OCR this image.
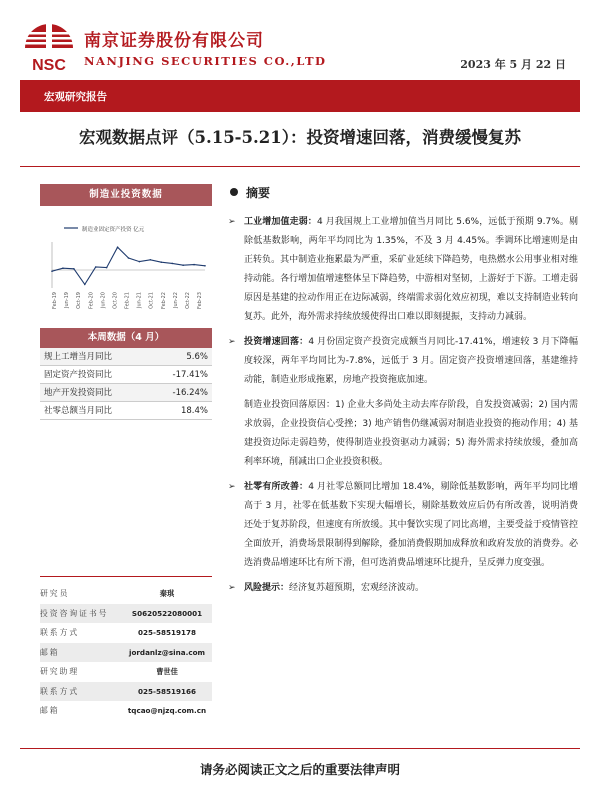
NSC
南京证券股份有限公司
NANJING SECURITIES CO.,LTD	2023 年 5 月 22 日
宏观研究报告
宏观数据点评（5.15-5.21）：投资增速回落，消费缓慢复苏
制造业投资数据
制造业固定资产投资 亿元
Feb-19 Jun-19 Oct-19 Feb-20 Jun-20 Oct-20 Feb-21 Jun-21 Oct-21 Feb-22 Jun-22 Oct-22 Feb-23
本周数据（4 月）
规上工增当月同比	5.6%
固定资产投资同比	-17.41%
地产开发投资同比	-16.24%
社零总额当月同比	18.4%
研究员	秦琪
投资咨询证书号	S0620522080001
联系方式	025-58519178
邮箱	jordanlz@sina.com
研究助理	曹世佳
联系方式	025-58519166
邮箱	tqcao@njzq.com.cn
摘要
➢ 工业增加值走弱：4 月我国规上工业增加值当月同比 5.6%，远低于预期 9.7%。剔除低基数影响，两年平均同比为 1.35%，不及 3 月 4.45%。季调环比增速则是由正转负。其中制造业拖累最为严重，采矿业延续下降趋势，电热燃水公用事业相对维持动能。各行增加值增速整体呈下降趋势，中游相对坚韧，上游好于下游。工增走弱原因是基建的拉动作用正在边际减弱，终端需求弱化效应初现，难以支持制造业转向复苏。此外，海外需求持续放缓使得出口难以即刻提振，支持动力减弱。
➢ 投资增速回落：4 月份固定资产投资完成额当月同比-17.41%，增速较 3 月下降幅度较深，两年平均同比为-7.8%，远低于 3 月。固定资产投资增速回落，基建维持动能，制造业形成拖累，房地产投资拖底加速。
制造业投资回落原因：1) 企业大多尚处主动去库存阶段，自发投资减弱；2) 国内需求放弱，企业投资信心受挫；3) 地产销售仍继减弱对制造业投资的拖动作用；4) 基建投资边际走弱趋势，使得制造业投资驱动力减弱；5) 海外需求持续放缓，叠加高利率环境，削减出口企业投资积极。
➢ 社零有所改善：4 月社零总额同比增加 18.4%，剔除低基数影响，两年平均同比增高于 3 月，社零在低基数下实现大幅增长，剔除基数效应后仍有所改善，说明消费还处于复苏阶段，但速度有所放缓。其中餐饮实现了同比高增，主要受益于疫情管控全面放开，消费场景限制得到解除，叠加消费假期加成释放和政府发放的消费券。必选消费品增速环比有所下滑，但可选消费品增速环比提升，呈反弹力度变强。
➢ 风险提示：经济复苏超预期，宏观经济波动。
请务必阅读正文之后的重要法律声明
